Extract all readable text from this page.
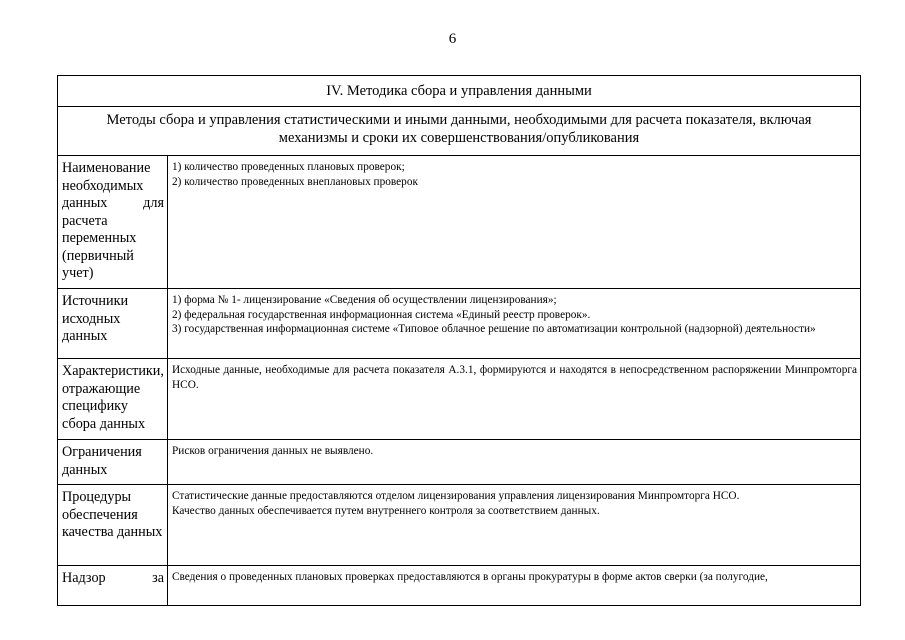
6
IV. Методика сбора и управления данными	

Методы сбора и управления статистическими и иными данными, необходимыми для расчета показателя, включая
механизмы и сроки их совершенствования/опубликования	

Наименование необходимых данных для расчета переменных (первичный учет)	1) количество проведенных плановых проверок;
2) количество проведенных внеплановых проверок

Источники исходных данных	1) форма № 1- лицензирование «Сведения об осуществлении лицензирования»;
2) федеральная государственная информационная система «Единый реестр проверок».
3) государственная информационная системе «Типовое облачное решение по автоматизации контрольной (надзорной) деятельности»

Характеристики, отражающие специфику сбора данных	Исходные данные, необходимые для расчета показателя А.3.1, формируются и находятся в непосредственном распоряжении Минпромторга НСО.

Ограничения данных	Рисков ограничения данных не выявлено.

Процедуры обеспечения качества данных	Статистические данные предоставляются отделом лицензирования управления лицензирования Минпромторга НСО.
Качество данных обеспечивается путем внутреннего контроля за соответствием данных.

Надзор за	Сведения о проведенных плановых проверках предоставляются в органы прокуратуры в форме актов сверки (за полугодие,
